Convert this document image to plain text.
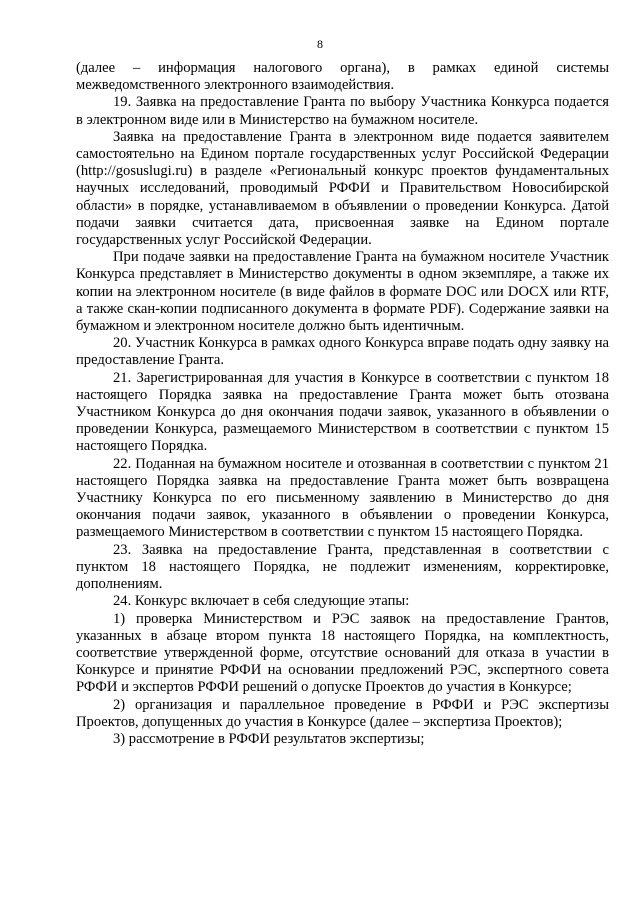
8

(далее – информация налогового органа), в рамках единой системы межведомственного электронного взаимодействия.

19. Заявка на предоставление Гранта по выбору Участника Конкурса подается в электронном виде или в Министерство на бумажном носителе.

Заявка на предоставление Гранта в электронном виде подается заявителем самостоятельно на Едином портале государственных услуг Российской Федерации (http://gosuslugi.ru) в разделе «Региональный конкурс проектов фундаментальных научных исследований, проводимый РФФИ и Правительством Новосибирской области» в порядке, устанавливаемом в объявлении о проведении Конкурса. Датой подачи заявки считается дата, присвоенная заявке на Едином портале государственных услуг Российской Федерации.

При подаче заявки на предоставление Гранта на бумажном носителе Участник Конкурса представляет в Министерство документы в одном экземпляре, а также их копии на электронном носителе (в виде файлов в формате DOC или DOCX или RTF, а также скан-копии подписанного документа в формате PDF). Содержание заявки на бумажном и электронном носителе должно быть идентичным.

20. Участник Конкурса в рамках одного Конкурса вправе подать одну заявку на предоставление Гранта.

21. Зарегистрированная для участия в Конкурсе в соответствии с пунктом 18 настоящего Порядка заявка на предоставление Гранта может быть отозвана Участником Конкурса до дня окончания подачи заявок, указанного в объявлении о проведении Конкурса, размещаемого Министерством в соответствии с пунктом 15 настоящего Порядка.

22. Поданная на бумажном носителе и отозванная в соответствии с пунктом 21 настоящего Порядка заявка на предоставление Гранта может быть возвращена Участнику Конкурса по его письменному заявлению в Министерство до дня окончания подачи заявок, указанного в объявлении о проведении Конкурса, размещаемого Министерством в соответствии с пунктом 15 настоящего Порядка.

23. Заявка на предоставление Гранта, представленная в соответствии с пунктом 18 настоящего Порядка, не подлежит изменениям, корректировке, дополнениям.

24. Конкурс включает в себя следующие этапы:

1) проверка Министерством и РЭС заявок на предоставление Грантов, указанных в абзаце втором пункта 18 настоящего Порядка, на комплектность, соответствие утвержденной форме, отсутствие оснований для отказа в участии в Конкурсе и принятие РФФИ на основании предложений РЭС, экспертного совета РФФИ и экспертов РФФИ решений о допуске Проектов до участия в Конкурсе;

2) организация и параллельное проведение в РФФИ и РЭС экспертизы Проектов, допущенных до участия в Конкурсе (далее – экспертиза Проектов);

3) рассмотрение в РФФИ результатов экспертизы;
